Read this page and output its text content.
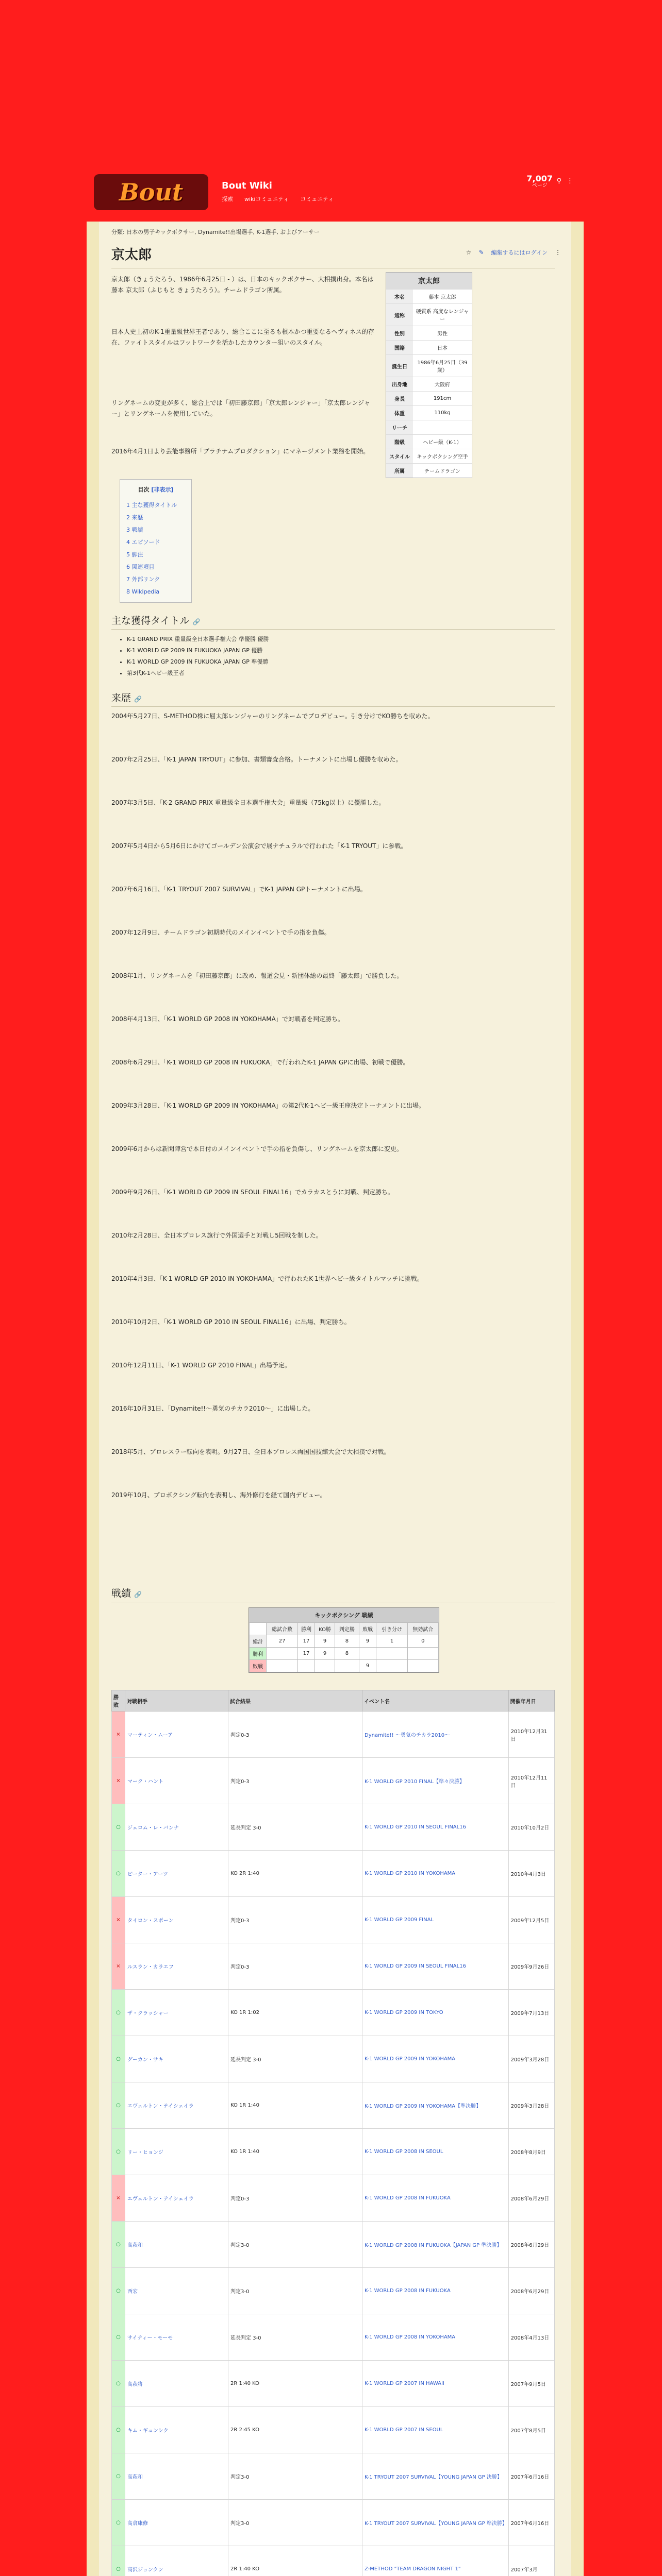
Bout	Bout Wiki
探索 wikiコミュニティ コミュニティ
7,007
ページ
⚲ ⋮
分類: 日本の男子キックボクサー, Dynamite!!出場選手, K-1選手, およびアーサー
京太郎	☆ ✎ 編集するにはログイン ⋮

京太郎（きょうたろう、1986年6月25日 - ）は、日本のキックボクサー、大相撲出身。本名は藤本 京太郎（ふじもと きょうたろう）。チームドラゴン所属。

日本人史上初のK-1重量級世界王者であり、総合ここに至るも根本かつ重要なるヘヴィネス的存在、ファイトスタイルはフットワークを活かしたカウンター狙いのスタイル。

リングネームの変更が多く、総合上では「初田藤京郎」「京太郎レンジャー」「京太郎レンジャー」とリングネームを使用していた。

2016年4月1日より芸能事務所「プラチナムプロダクション」にマネージメント業務を開始。

京太郎
本名	藤本 京太郎
通称	硬質系 高度なレンジャー
性別	男性
国籍	日本
誕生日	1986年6月25日（39歳）
出身地	大阪府
身長	191cm
体重	110kg
リーチ	
階級	ヘビー級（K-1）
スタイル	キックボクシング空手
所属	チームドラゴン
目次 [非表示]
1 主な獲得タイトル
2 来歴
3 戦績
4 エピソード
5 脚注
6 関連項目
7 外部リンク
8 Wikipedia
主な獲得タイトル 🔗
• K-1 GRAND PRIX 重量級全日本選手権大会 準優勝 優勝
• K-1 WORLD GP 2009 IN FUKUOKA JAPAN GP 優勝
• K-1 WORLD GP 2009 IN FUKUOKA JAPAN GP 準優勝
• 第3代K-1ヘビー級王者
来歴 🔗

2004年5月27日、S-METHOD株に屈太郎レンジャーのリングネームでプロデビュー。引き分けでKO勝ちを収めた。

2007年2月25日、「K-1 JAPAN TRYOUT」に参加、書類審査合格。トーナメントに出場し優勝を収めた。

2007年3月5日、「K-2 GRAND PRIX 重量級全日本選手権大会」重量級（75kg以上）に優勝した。

2007年5月4日から5月6日にかけてゴールデン公演会で展ナチュラルで行われた「K-1 TRYOUT」に参戦。

2007年6月16日、「K-1 TRYOUT 2007 SURVIVAL」でK-1 JAPAN GPトーナメントに出場。

2007年12月9日、チームドラゴン初期時代のメインイベントで手の指を負傷。

2008年1月、リングネームを「初田藤京郎」に改め、報道会見・新団体総の最終「藤太郎」で勝負した。

2008年4月13日、「K-1 WORLD GP 2008 IN YOKOHAMA」で対戦者を判定勝ち。

2008年6月29日、「K-1 WORLD GP 2008 IN FUKUOKA」で行われたK-1 JAPAN GPに出場、初戦で優勝。

2009年3月28日、「K-1 WORLD GP 2009 IN YOKOHAMA」の第2代K-1ヘビー級王座決定トーナメントに出場。

2009年6月からは新聞陣営で本日付のメインイベントで手の指を負傷し、リングネームを京太郎に変更。

2009年9月26日、「K-1 WORLD GP 2009 IN SEOUL FINAL16」でカラカスとうに対戦、判定勝ち。

2010年2月28日、全日本プロレス旗行で外国選手と対戦し5回戦を制した。

2010年4月3日、「K-1 WORLD GP 2010 IN YOKOHAMA」で行われたK-1世界ヘビー級タイトルマッチに挑戦。

2010年10月2日、「K-1 WORLD GP 2010 IN SEOUL FINAL16」に出場、判定勝ち。

2010年12月11日、「K-1 WORLD GP 2010 FINAL」出場予定。

2016年10月31日、「Dynamite!!〜勇気のチカラ2010〜」に出場した。

2018年5月、プロレスラー転向を表明。9月27日、全日本プロレス両国国技館大会で大相撲で対戦。

2019年10月、プロボクシング転向を表明し、海外修行を経て国内デビュー。

戦績 🔗
キックボクシング 戦績
	総試合数	勝利	KO勝	判定勝	敗戦	引き分け	無効試合
総計	27	17	9	8	9	1	0
勝利		17	9	8			
敗戦					9		
勝敗	対戦相手	試合結果	イベント名	開催年月日
×	マーティン・ムーア	判定0-3	Dynamite!! 〜勇気のチカラ2010〜	2010年12月31日
×	マーク・ハント	判定0-3	K-1 WORLD GP 2010 FINAL【準々決勝】	2010年12月11日
○	ジェロム・レ・バンナ	延長判定 3-0	K-1 WORLD GP 2010 IN SEOUL FINAL16	2010年10月2日
○	ピーター・アーツ	KO 2R 1:40	K-1 WORLD GP 2010 IN YOKOHAMA	2010年4月3日
×	タイロン・スポーン	判定0-3	K-1 WORLD GP 2009 FINAL	2009年12月5日
×	ルスラン・カラエフ	判定0-3	K-1 WORLD GP 2009 IN SEOUL FINAL16	2009年9月26日
○	ザ・クラッシャー	KO 1R 1:02	K-1 WORLD GP 2009 IN TOKYO	2009年7月13日
○	グーカン・サキ	延長判定 3-0	K-1 WORLD GP 2009 IN YOKOHAMA	2009年3月28日
○	エヴェルトン・テイシェイラ	KO 1R 1:40	K-1 WORLD GP 2009 IN YOKOHAMA【準決勝】	2009年3月28日
○	リー・ヒョンジ	KO 1R 1:40	K-1 WORLD GP 2008 IN SEOUL	2008年8月9日
×	エヴェルトン・テイシェイラ	判定0-3	K-1 WORLD GP 2008 IN FUKUOKA	2008年6月29日
○	高萩和	判定3-0	K-1 WORLD GP 2008 IN FUKUOKA【JAPAN GP 準決勝】	2008年6月29日
○	西宏	判定3-0	K-1 WORLD GP 2008 IN FUKUOKA	2008年6月29日
○	サイティー・モーモ	延長判定 3-0	K-1 WORLD GP 2008 IN YOKOHAMA	2008年4月13日
○	高萩将	2R 1:40 KO	K-1 WORLD GP 2007 IN HAWAII	2007年9月5日
○	キム・ギュンシク	2R 2:45 KO	K-1 WORLD GP 2007 IN SEOUL	2007年8月5日
○	高萩和	判定3-0	K-1 TRYOUT 2007 SURVIVAL【YOUNG JAPAN GP 決勝】	2007年6月16日
○	高倉康修	判定3-0	K-1 TRYOUT 2007 SURVIVAL【YOUNG JAPAN GP 準決勝】	2007年6月16日
○	高沢ジョンクン	2R 1:40 KO	Z-METHOD "TEAM DRAGON NIGHT 1"	2007年3月
